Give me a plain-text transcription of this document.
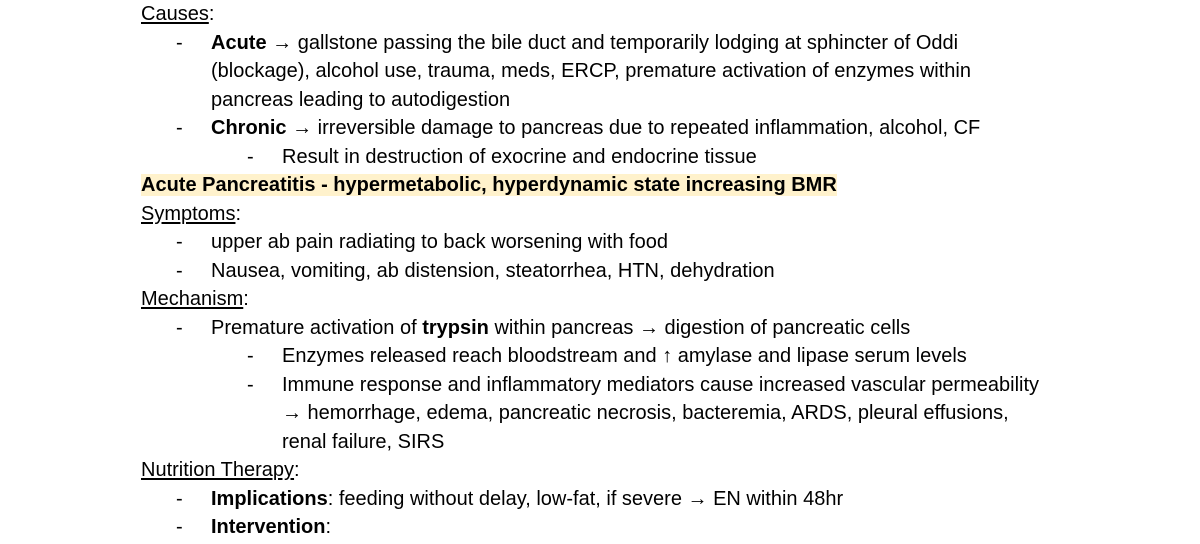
Causes:
- Acute → gallstone passing the bile duct and temporarily lodging at sphincter of Oddi (blockage), alcohol use, trauma, meds, ERCP, premature activation of enzymes within pancreas leading to autodigestion
- Chronic → irreversible damage to pancreas due to repeated inflammation, alcohol, CF
- Result in destruction of exocrine and endocrine tissue
Acute Pancreatitis - hypermetabolic, hyperdynamic state increasing BMR
Symptoms:
- upper ab pain radiating to back worsening with food
- Nausea, vomiting, ab distension, steatorrhea, HTN, dehydration
Mechanism:
- Premature activation of trypsin within pancreas → digestion of pancreatic cells
- Enzymes released reach bloodstream and ↑ amylase and lipase serum levels
- Immune response and inflammatory mediators cause increased vascular permeability → hemorrhage, edema, pancreatic necrosis, bacteremia, ARDS, pleural effusions, renal failure, SIRS
Nutrition Therapy:
- Implications: feeding without delay, low-fat, if severe → EN within 48hr
- Intervention:
